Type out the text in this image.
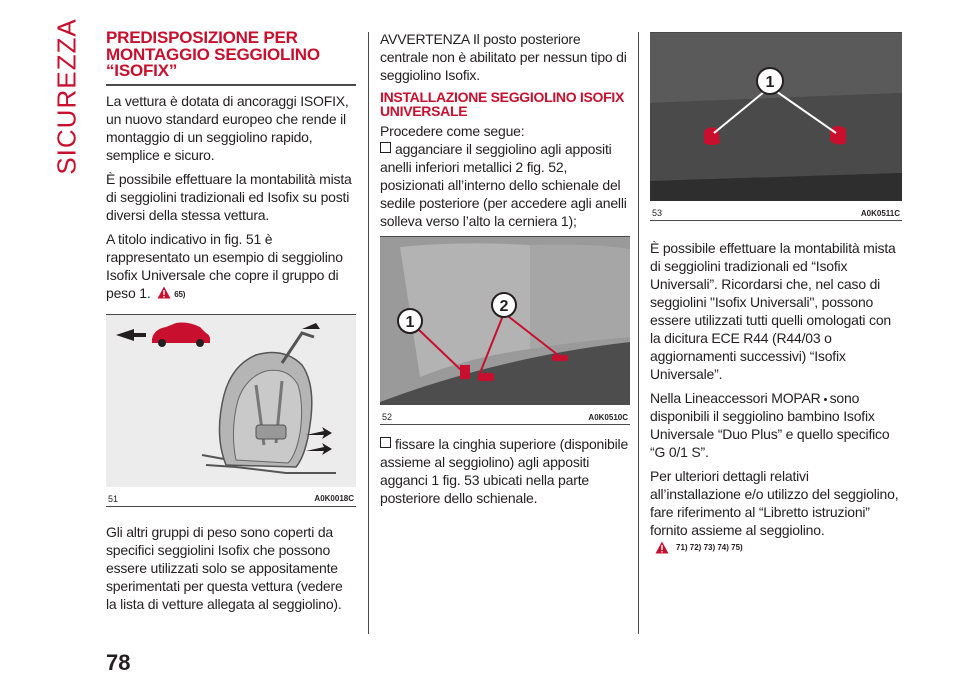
SICUREZZA PREDISPOSIZIONE PER
MONTAGGIO SEGGIOLINO
“ISOFIX”

La vettura è dotata di ancoraggi ISOFIX, un nuovo standard europeo che rende il montaggio di un seggiolino rapido, semplice e sicuro.

È possibile effettuare la montabilità mista di seggiolini tradizionali ed Isofix su posti diversi della stessa vettura.

A titolo indicativo in fig. 51 è rappresentato un esempio di seggiolino Isofix Universale che copre il gruppo di peso 1.	65)

51	A0K0018C

Gli altri gruppi di peso sono coperti da specifici seggiolini Isofix che possono essere utilizzati solo se appositamente sperimentati per questa vettura (vedere la lista di vetture allegata al seggiolino).

AVVERTENZA Il posto posteriore centrale non è abilitato per nessun tipo di seggiolino Isofix.

INSTALLAZIONE SEGGIOLINO ISOFIX
UNIVERSALE

Procedere come segue:

agganciare il seggiolino agli appositi anelli inferiori metallici 2 fig. 52, posizionati all’interno dello schienale del sedile posteriore (per accedere agli anelli solleva verso l’alto la cerniera 1);

1
2
52	A0K0510C

fissare la cinghia superiore (disponibile assieme al seggiolino) agli appositi agganci 1 fig. 53 ubicati nella parte posteriore dello schienale.

1
53	A0K0511C

È possibile effettuare la montabilità mista di seggiolini tradizionali ed “Isofix Universali”. Ricordarsi che, nel caso di seggiolini "Isofix Universali", possono essere utilizzati tutti quelli omologati con la dicitura ECE R44 (R44/03 o aggiornamenti successivi) “Isofix Universale”.

Nella Lineaccessori MOPAR sono disponibili il seggiolino bambino Isofix Universale “Duo Plus” e quello specifico “G 0/1 S”.

Per ulteriori dettagli relativi all’installazione e/o utilizzo del seggiolino, fare riferimento al “Libretto istruzioni” fornito assieme al seggiolino.

71) 72) 73) 74) 75)
78
